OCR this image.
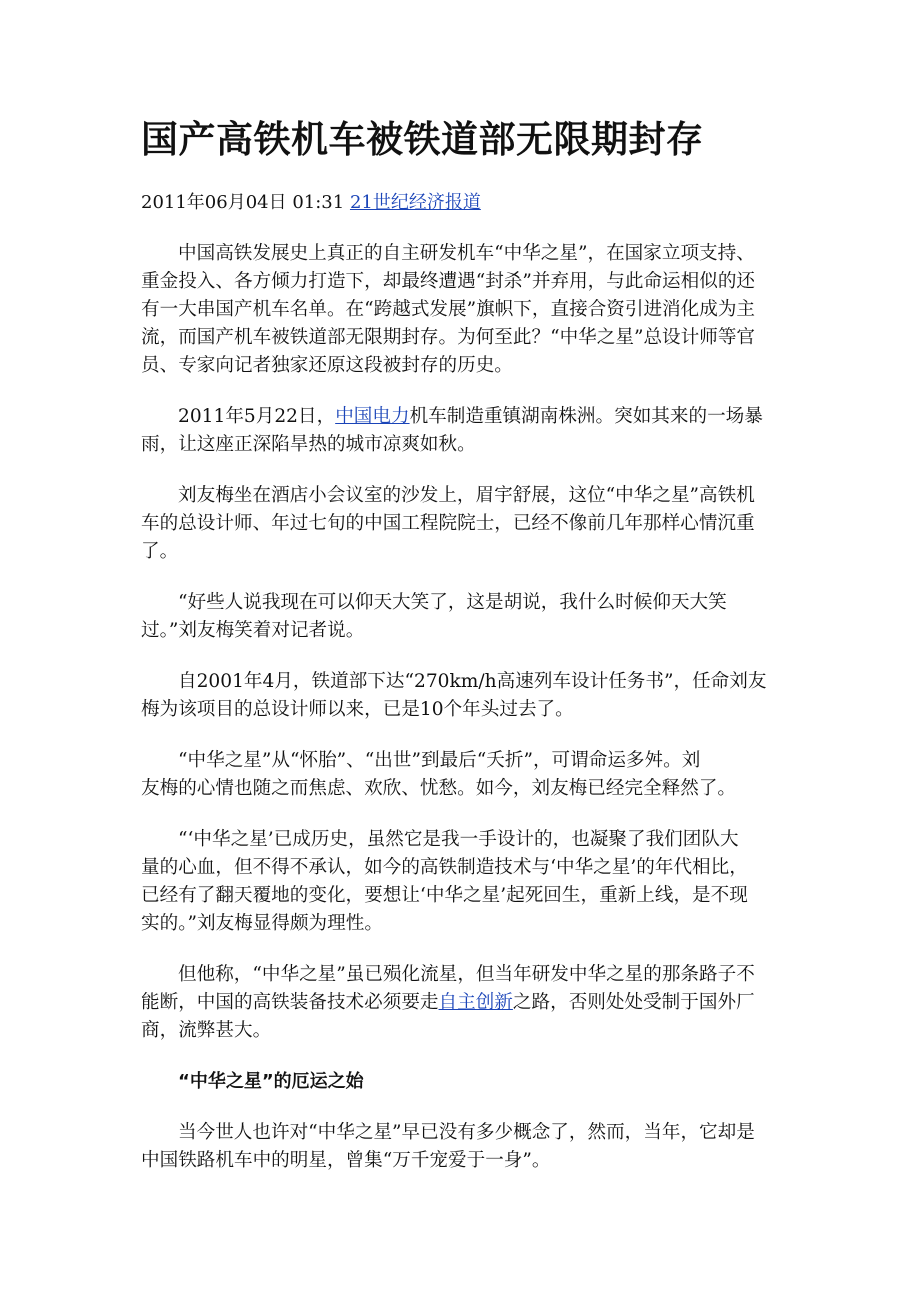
国产高铁机车被铁道部无限期封存
2011年06月04日 01:31 21世纪经济报道
中国高铁发展史上真正的自主研发机车“中华之星”，在国家立项支持、
重金投入、各方倾力打造下，却最终遭遇“封杀”并弃用，与此命运相似的还
有一大串国产机车名单。在“跨越式发展”旗帜下，直接合资引进消化成为主
流，而国产机车被铁道部无限期封存。为何至此？“中华之星”总设计师等官
员、专家向记者独家还原这段被封存的历史。
2011年5月22日，中国电力机车制造重镇湖南株洲。突如其来的一场暴
雨，让这座正深陷旱热的城市凉爽如秋。
刘友梅坐在酒店小会议室的沙发上，眉宇舒展，这位“中华之星”高铁机
车的总设计师、年过七旬的中国工程院院士，已经不像前几年那样心情沉重
了。
“好些人说我现在可以仰天大笑了，这是胡说，我什么时候仰天大笑
过。”刘友梅笑着对记者说。
自2001年4月，铁道部下达“270km/h高速列车设计任务书”，任命刘友
梅为该项目的总设计师以来，已是10个年头过去了。
“中华之星”从“怀胎”、“出世”到最后“夭折”，可谓命运多舛。刘
友梅的心情也随之而焦虑、欢欣、忧愁。如今，刘友梅已经完全释然了。
“‘中华之星’已成历史，虽然它是我一手设计的，也凝聚了我们团队大
量的心血，但不得不承认，如今的高铁制造技术与‘中华之星’的年代相比，
已经有了翻天覆地的变化，要想让‘中华之星’起死回生，重新上线，是不现
实的。”刘友梅显得颇为理性。
但他称，“中华之星”虽已殒化流星，但当年研发中华之星的那条路子不
能断，中国的高铁装备技术必须要走自主创新之路，否则处处受制于国外厂
商，流弊甚大。
“中华之星”的厄运之始
当今世人也许对“中华之星”早已没有多少概念了，然而，当年，它却是
中国铁路机车中的明星，曾集“万千宠爱于一身”。
